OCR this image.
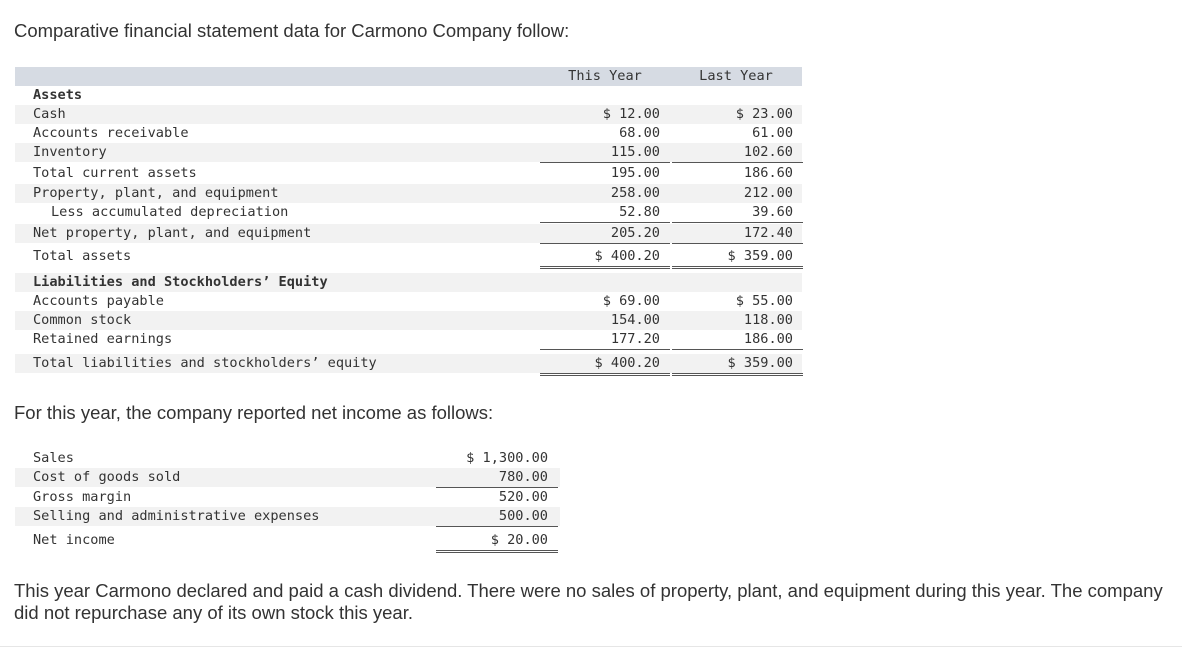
Comparative financial statement data for Carmono Company follow:
This Year	Last Year
Assets
Cash	$ 12.00	$ 23.00
Accounts receivable	68.00	61.00
Inventory	115.00	102.60
Total current assets	195.00	186.60
Property, plant, and equipment	258.00	212.00
Less accumulated depreciation	52.80	39.60
Net property, plant, and equipment	205.20	172.40
Total assets	$ 400.20	$ 359.00
Liabilities and Stockholders’ Equity
Accounts payable	$ 69.00	$ 55.00
Common stock	154.00	118.00
Retained earnings	177.20	186.00
Total liabilities and stockholders’ equity	$ 400.20	$ 359.00
For this year, the company reported net income as follows:
Sales	$ 1,300.00
Cost of goods sold	780.00
Gross margin	520.00
Selling and administrative expenses	500.00
Net income	$ 20.00
This year Carmono declared and paid a cash dividend. There were no sales of property, plant, and equipment during this year. The company did not repurchase any of its own stock this year.
